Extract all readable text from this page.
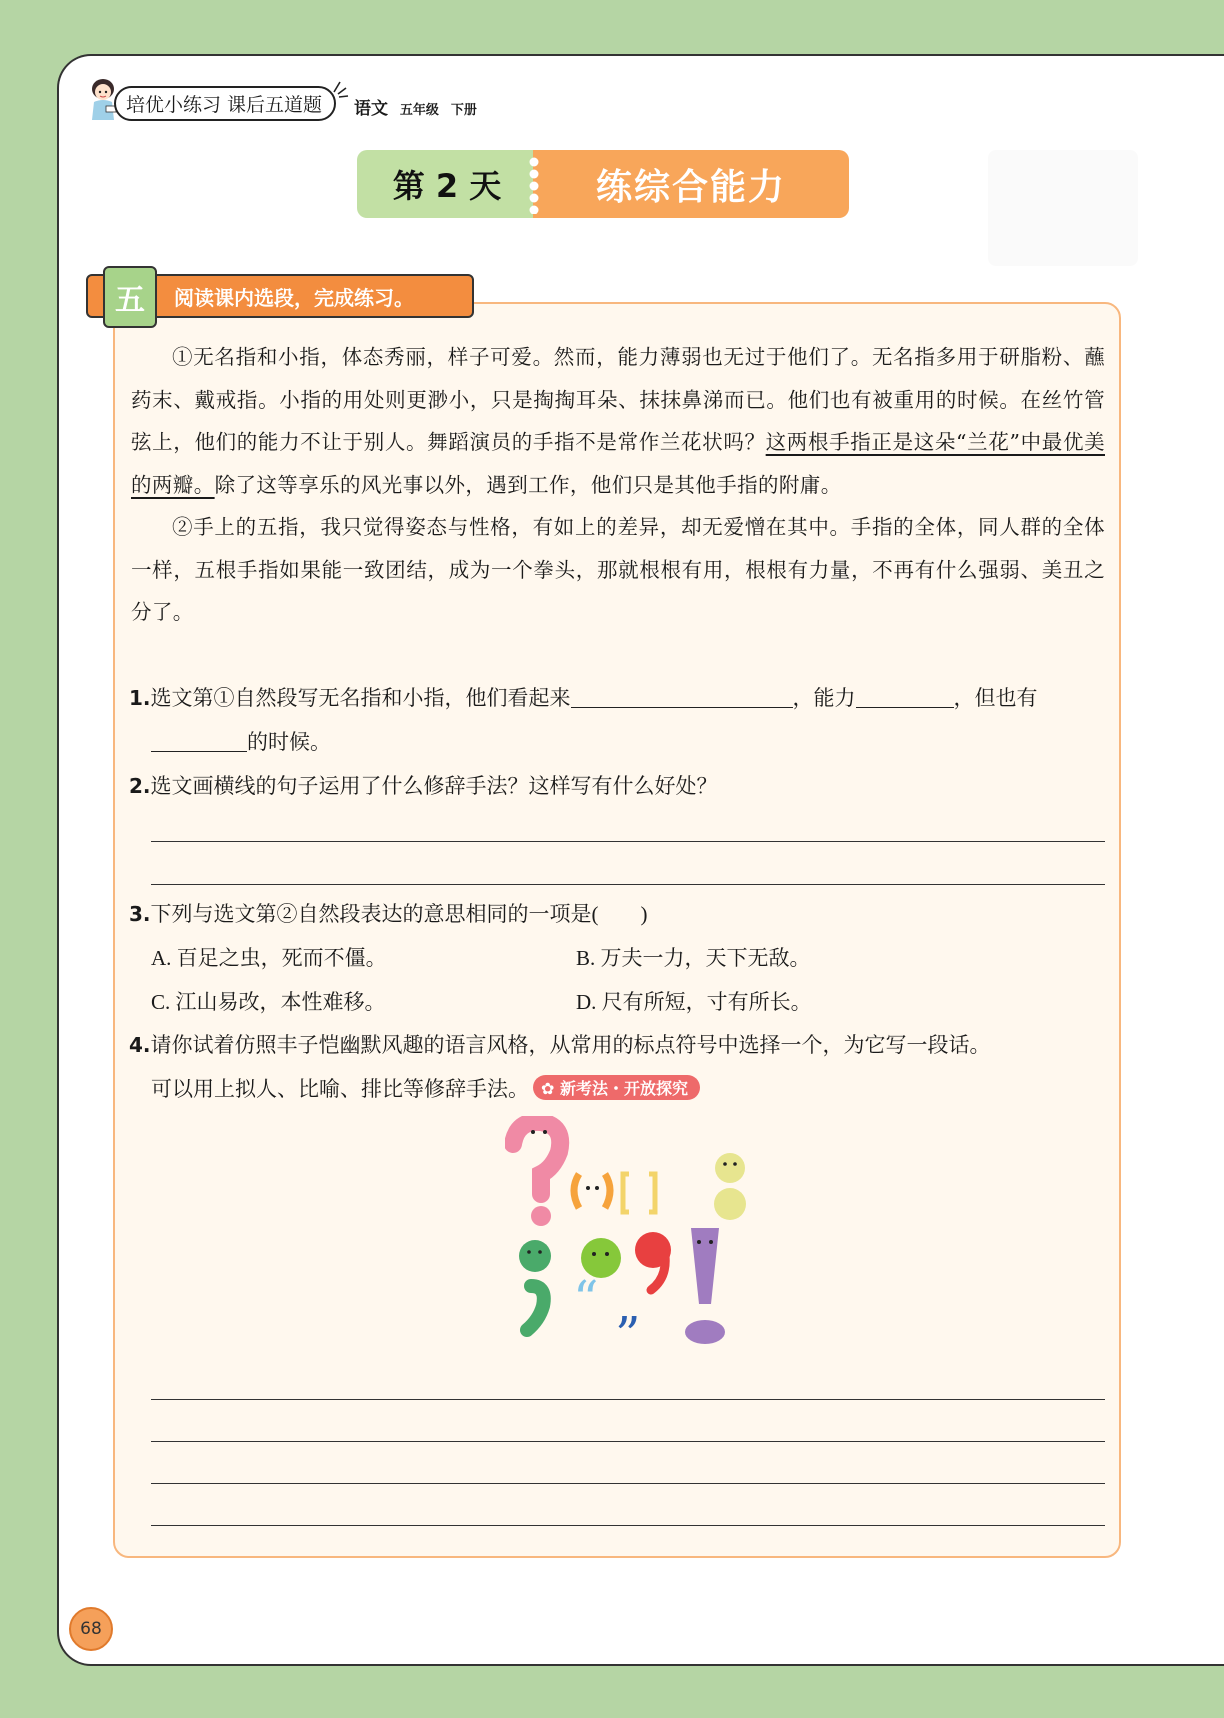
培优小练习 课后五道题	语文 五年级 下册
第 2 天	练综合能力
五	阅读课内选段，完成练习。

①无名指和小指，体态秀丽，样子可爱。然而，能力薄弱也无过于他们了。无名指多用于研脂粉、蘸药末、戴戒指。小指的用处则更渺小，只是掏掏耳朵、抹抹鼻涕而已。他们也有被重用的时候。在丝竹管弦上，他们的能力不让于别人。舞蹈演员的手指不是常作兰花状吗？这两根手指正是这朵“兰花”中最优美的两瓣。除了这等享乐的风光事以外，遇到工作，他们只是其他手指的附庸。

②手上的五指，我只觉得姿态与性格，有如上的差异，却无爱憎在其中。手指的全体，同人群的全体一样，五根手指如果能一致团结，成为一个拳头，那就根根有用，根根有力量，不再有什么强弱、美丑之分了。

1.选文第①自然段写无名指和小指，他们看起来	，能力	，但也有
的时候。
2.选文画横线的句子运用了什么修辞手法？这样写有什么好处？
3.下列与选文第②自然段表达的意思相同的一项是(　　)
A. 百足之虫，死而不僵。	B. 万夫一力，天下无敌。
C. 江山易改，本性难移。	D. 尺有所短，寸有所长。
4.请你试着仿照丰子恺幽默风趣的语言风格，从常用的标点符号中选择一个，为它写一段话。
可以用上拟人、比喻、排比等修辞手法。 ✿ 新考法・开放探究
“
”
68
